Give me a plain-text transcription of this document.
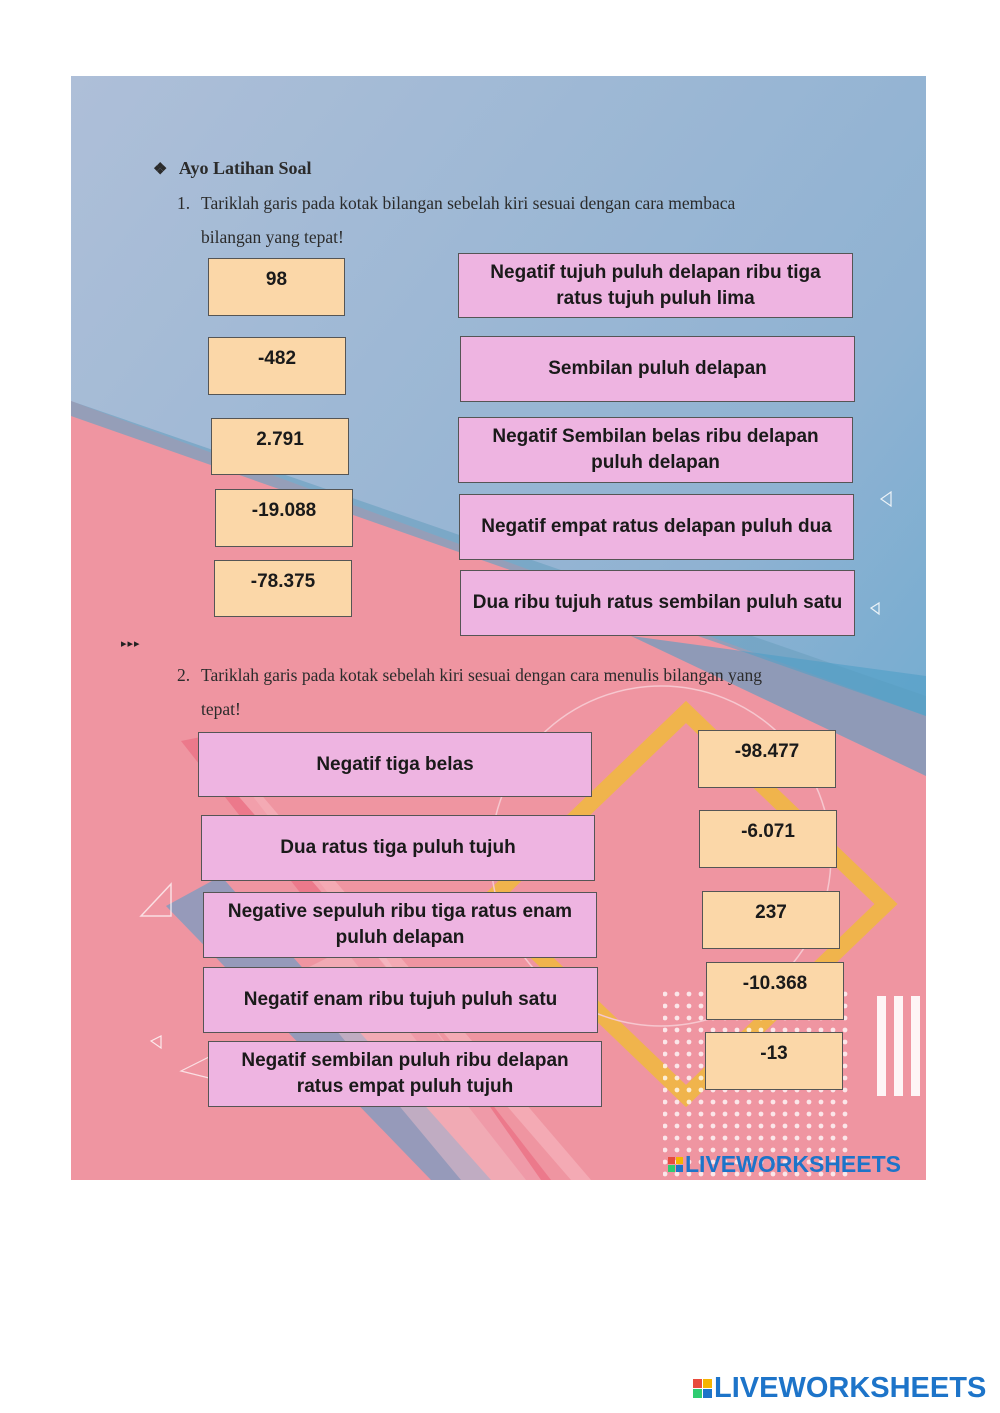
❖ Ayo Latihan Soal
1. Tariklah garis pada kotak bilangan sebelah kiri sesuai dengan cara membaca
bilangan yang tepat!
98
-482
2.791
-19.088
-78.375
Negatif tujuh puluh delapan ribu tiga ratus tujuh puluh lima
Sembilan puluh delapan
Negatif Sembilan belas ribu delapan puluh delapan
Negatif empat ratus delapan puluh dua
Dua ribu tujuh ratus sembilan puluh satu
▸▸▸
2. Tariklah garis pada kotak sebelah kiri sesuai dengan cara menulis bilangan yang
tepat!
Negatif tiga belas
Dua ratus tiga puluh tujuh
Negative sepuluh ribu tiga ratus enam puluh delapan
Negatif enam ribu tujuh puluh satu
Negatif sembilan puluh ribu delapan ratus empat puluh tujuh
-98.477
-6.071
237
-10.368
-13
LIVEWORKSHEETS
LIVEWORKSHEETS
